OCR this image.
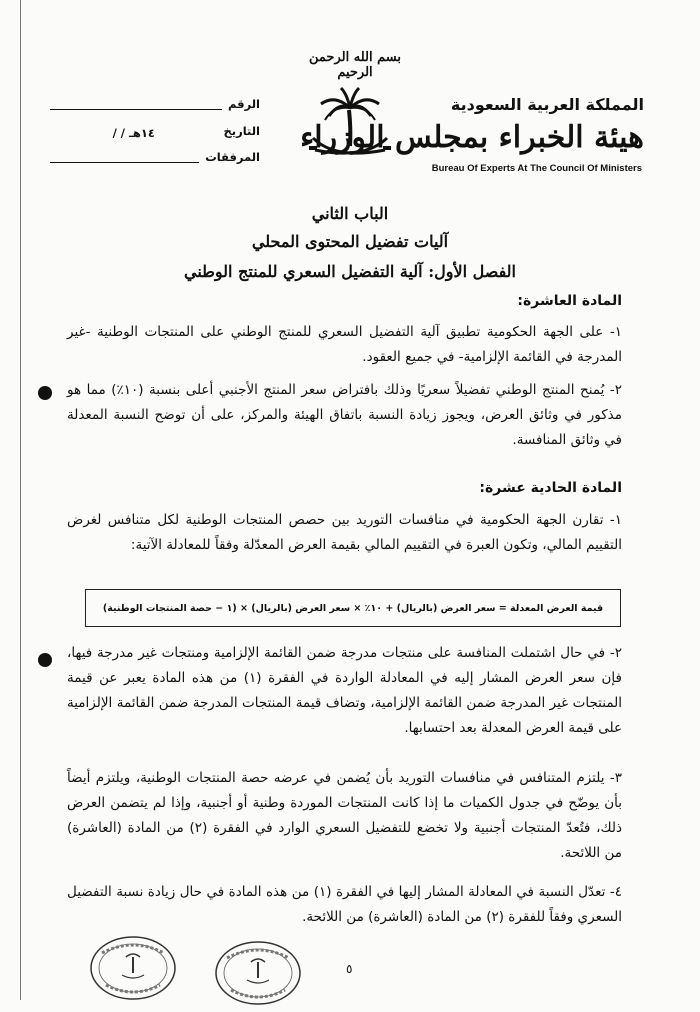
بسم الله الرحمن الرحيم
المملكة العربية السعودية
هيئة الخبراء بمجلس الوزراء
Bureau Of Experts At The Council Of Ministers
الرقم
التاريخ
/ / ١٤هـ
المرفقات
الباب الثاني
آليات تفضيل المحتوى المحلي
الفصل الأول: آلية التفضيل السعري للمنتج الوطني
المادة العاشرة:
١- على الجهة الحكومية تطبيق آلية التفضيل السعري للمنتج الوطني على المنتجات الوطنية -غير المدرجة في القائمة الإلزامية- في جميع العقود.
٢- يُمنح المنتج الوطني تفضيلاً سعريًا وذلك بافتراض سعر المنتج الأجنبي أعلى بنسبة (١٠٪) مما هو مذكور في وثائق العرض، ويجوز زيادة النسبة باتفاق الهيئة والمركز، على أن توضح النسبة المعدلة في وثائق المنافسة.
المادة الحادية عشرة:
١- تقارن الجهة الحكومية في منافسات التوريد بين حصص المنتجات الوطنية لكل متنافس لغرض التقييم المالي، وتكون العبرة في التقييم المالي بقيمة العرض المعدّلة وفقاً للمعادلة الآتية:
قيمة العرض المعدلة = سعر العرض (بالريال) + ١٠٪ × سعر العرض (بالريال) × (١ − حصة المنتجات الوطنية)
٢- في حال اشتملت المنافسة على منتجات مدرجة ضمن القائمة الإلزامية ومنتجات غير مدرجة فيها، فإن سعر العرض المشار إليه في المعادلة الواردة في الفقرة (١) من هذه المادة يعبر عن قيمة المنتجات غير المدرجة ضمن القائمة الإلزامية، وتضاف قيمة المنتجات المدرجة ضمن القائمة الإلزامية على قيمة العرض المعدلة بعد احتسابها.
٣- يلتزم المتنافس في منافسات التوريد بأن يُضمن في عرضه حصة المنتجات الوطنية، ويلتزم أيضاً بأن يوضّح في جدول الكميات ما إذا كانت المنتجات الموردة وطنية أو أجنبية، وإذا لم يتضمن العرض ذلك، فتُعدّ المنتجات أجنبية ولا تخضع للتفضيل السعري الوارد في الفقرة (٢) من المادة (العاشرة) من اللائحة.
٤- تعدّل النسبة في المعادلة المشار إليها في الفقرة (١) من هذه المادة في حال زيادة نسبة التفضيل السعري وفقاً للفقرة (٢) من المادة (العاشرة) من اللائحة.
٥
